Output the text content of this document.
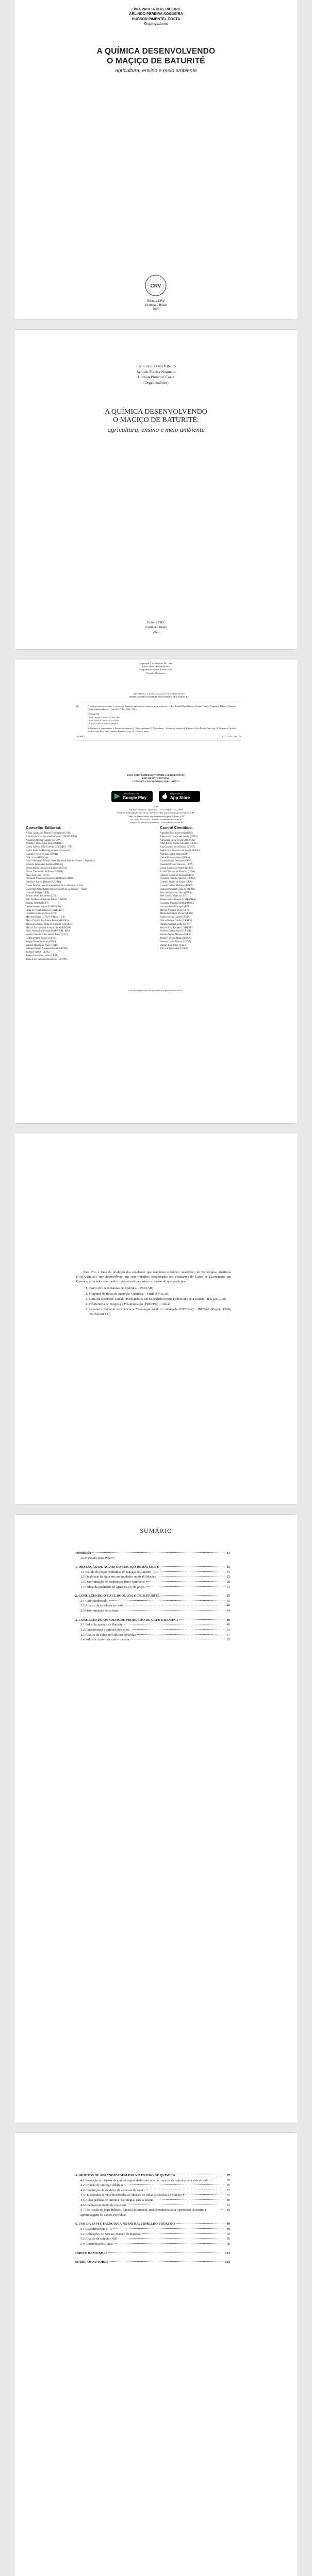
LÍVIA PAULIA DIAS RIBEIRO
ARLINDO PEREIRA NOGUEIRA
HUDSON PIMENTEL COSTA
Organizadores
A QUÍMICA DESENVOLVENDO
O MAÇIÇO DE BATURITÉ
agricultura, ensino e meio ambiente
CRV
Editora CRV
Curitiba – Brasil
2020
Lívia Paulia Dias Ribeiro
Arlindo Pereira Nogueira
Hudson Pimentel Costa
(Organizadores)
A QUÍMICA DESENVOLVENDO
O MACIÇO DE BATURITÉ:
agricultura, ensino e meio ambiente
Editora CRV
Curitiba – Brasil
2020
Copyright © da Editora CRV Ltda.
Editor-chefe: Railson Moura
Diagramação e Capa: Editora CRV
Revisão: Os Autores
CIP-BRASIL. CATALOGAÇÃO NA PUBLICAÇÃO
SINDICATO NACIONAL DOS EDITORES DE LIVROS, RJ
Q6	A química desenvolvendo o maciço de Baturité: agricultura, ensino e meio ambiente / Lívia Paulia Dias Ribeiro, Arlindo Pereira Nogueira, Hudson Pimentel Costa (organizadores) – Curitiba: CRV, 2020. 104 p.
Bibliografia
ISBN Digital 978-65-5578-079-6
ISBN Físico 978-65-5578-078-9
DOI 10.24824/978655578078.9
1. Química 2. Agricultura 3. Ensino de química 4. Meio ambiente 5. Agricultura – Ensino de química I. Ribeiro, Lívia Paulia Dias. org. II. Nogueira, Arlindo Pereira. org. III. Costa, Hudson Pimentel. org. IV. Título V. Série
20-46472	CDD 540 · CDU 54
ESTA OBRA TAMBÉM ENCONTRA-SE DISPONÍVEL
EM FORMATO DIGITAL.
CONHEÇA E BAIXE NOSSO APLICATIVO!
DISPONÍVEL NO
Google Play
Disponível na
App Store
2020
Foi feito o depósito legal conf. Lei 10.994 de 14/12/2004
Proibida a reprodução parcial ou total desta obra sem autorização da Editora CRV
Todos os direitos desta edição reservados pela: Editora CRV
Tel.: (41) 3039-6418 – E-mail: sac@editoracrv.com.br
Conheça os nossos lançamentos: www.editoracrv.com.br
Conselho Editorial:
Aldira Guimarães Duarte Domínguez (UNB)
Andréia da Silva Quintanilha Sousa (UNIR/UFRN)
Anselmo Alencar Colares (UFOPA)
Antônio Pereira Gaio Júnior (UFRRJ)
Carlos Alberto Vilar Estêvão (UMINHO – PT)
Carlos Federico Dominguez Avila (Unieuro)
Carmen Tereza Velanga (UNIR)
Celso Conti (UFSCar)
Cesar Gerónimo Tello (Univer. Nacional Três de Febrero – Argentina)
Eduardo Fernandes Barbosa (UFMG)
Elione Maria Nogueira Diogenes (UFAL)
Elizeu Clementino de Souza (UNEB)
Élsio José Corá (UFFS)
Fernando Antônio Gonçalves Alcoforado (IPB)
Francisco Carlos Duarte (PUC-PR)
Gloria Fariñas León (Universidade de La Havana – Cuba)
Guillermo Arias Beatón (Universidade de La Havana – Cuba)
Helmuth Krüger (UCP)
Jailson Alves dos Santos (UFRJ)
João Adalberto Campato Junior (UNESP)
Josania Portela (UFPI)
Leonel Severo Rocha (UNISINOS)
Lídia de Oliveira Xavier (UNIEURO)
Lourdes Helena da Silva (UFV)
Marcelo Paixão (UFRJ e UTexas – US)
Maria Cristina dos Santos Bezerra (UFSCar)
Maria de Lourdes Pinto de Almeida (UNOESC)
Maria Lília Imbiriba Sousa Colares (UFOPA)
Paulo Romualdo Hernandes (UNIFAL-MG)
Renato Francisco dos Santos Paula (UFG)
Rodrigo Pratte-Santos (UFES)
Sérgio Nunes de Jesus (IFRO)
Simone Rodrigues Pinto (UNB)
Solange Helena Ximenes-Rocha (UFOPA)
Sydione Santos (UEPG)
Tadeu Oliver Gonçalves (UFPA)
Tania Suely Azevedo Brasileiro (UFOPA)
Comitê Científico:
Agustina Rosa Echeverría (UNB)
Alessandro Gonçalves Lemos (UFES)
Alexandre Silva Teixeira (UFSCar)
Allan Kleber Souza Carvalho (UFAC)
Ana Carolina Silva Dantas (UFRN)
André Luiz Francisco de Souza (IFMG)
Antônio Carlos Braga (UFPI)
Carlos Martinez Neto (UFES)
Claudia Maria Bertonha (UFPR)
Daniela Oliveira Barbosa (UFPA)
Edson Roberto de Matos (UFRR)
Evaldo Ferreira de Almeida (UFSJ)
Fabrício Ramos de Moura (UFPE)
Fernanda Cristina Queiroz (UFAM)
Gabriela Nunes de Souza (UFPI)
Geraldo Valmir Malhado (UFRA)
Hudson Pimentel Costa (UNILAB)
Jairo Sebastião da Silva (UFLA)
José Carlos Oliveira (UFC)
Juliana Souza Pereira (UNIPAMPA)
Leonardo Martins Andrade (UFG)
Luciana Rocha Campos (UFS)
Marcos Vinícius Teles (UFPB)
Maria das Graças Vieira (UERN)
Nadja Ferreira Lopes (UFMA)
Otávio Ramos Coelho (UFRPE)
Patrícia Andrade Lima (UFV)
Renata Silva Borges (UNIFESP)
Roberto Carlos Nunes (UFMT)
Sandra Regina Menezes (UEM)
Thiago Ferreira Moura (UFCA)
Vanessa Costa Ribeiro (UFOP)
Wagner Luiz Pinto (UEL)
Yara Lúcia Mendes (UFBA)
Este livro foi avaliado e aprovado por pareceristas ad hoc.

Este livro é fruto da produção dos estudantes que compõem o Núcleo Acadêmico de Tecnologias Analíticas (NATA/Unilab), que desenvolvem, em seus trabalhos relacionados aos estudantes do Curso de Licenciatura em Química, atividades abordando os projetos de pesquisa e extensão do qual participam:

1. Centro de Licenciaturas em Química – UNILAB;
2. Programa de Bolsa de Iniciação Científica – PIBIC/UNILAB;
3. Edital de Extensão: Unilab Investigadores em Sociedade/Jovens Professores pela Unilab – IES/UNILAB;
4. Pró-Reitoria de Pesquisa e Pós-graduação (PROPPG) – Unilab;
5. Secretaria Nacional de Ciência e Tecnologia Analítica Avançada (INCTAA) - INCTAA (Projeto CNPq 465768/2014-8).
SUMÁRIO
Introdução	11
Lívia Paulia Dias Ribeiro
1. OBTENÇÃO DE ÁGUAS DO MACIÇO DE BATURITÉ	15
1.1 Estudo de poços profundos do maciço de Baturité – CE	15
1.2 Qualidade da água em comunidades rurais do Maciço	23
1.3 Determinação de parâmetros físico-químicos	28
1.4 Índice de qualidade de águas (IQA) de poços	31
2. CONHECENDO O CAFÉ DO MACIÇO DE BATURITÉ	35
2.1 Café Sombreado	35
2.2 Análise de fenólicos em café	40
2.3 Determinação de cafeína	44
3. CONHECENDO OS SOLOS DE PRODUÇÃO DE CAFÉ E BANANA	49
3.1 Solos do maciço de Baturité	49
3.2 Caracterização química dos solos	53
3.3 Análise de solos em cultivos agrícolas	57
3.4 Solo em cultivo de café e banana	62
4. OBJETOS DE APRENDIZAGEM PARA O ENSINO DE QUÍMICA	67
4.1 Produção de objetos de aprendizagem dedicados a experimentos de química para sala de aula	67
4.2 Criação de um jogo didático	70
4.3 Construção de modelos de sistemas de sabão	72
4.4 Os métodos diretos de medidas ao alcance de todas as escolas do Maciço	76
4.5 Aulas práticas de química: estratégias para o ensino	80
4.6 Reaproveitamento de materiais	83
4.7 Utilização do jogo didático, Cinará Dominema: uma ferramenta para o processo de ensino e aprendizagem de Tabela Periódica
85
5. USO DA ESPECTROSCOPIA NO INFRAVERMELHO PRÓXIMO	89
5.1 Espectroscopia NIR	89
5.2 Aplicações do NIR no Maciço de Baturité	92
5.3 Análise de café por NIR	95
5.4 Considerações finais	98
ÍNDICE REMISSIVO	101
SOBRE OS AUTORES	103
